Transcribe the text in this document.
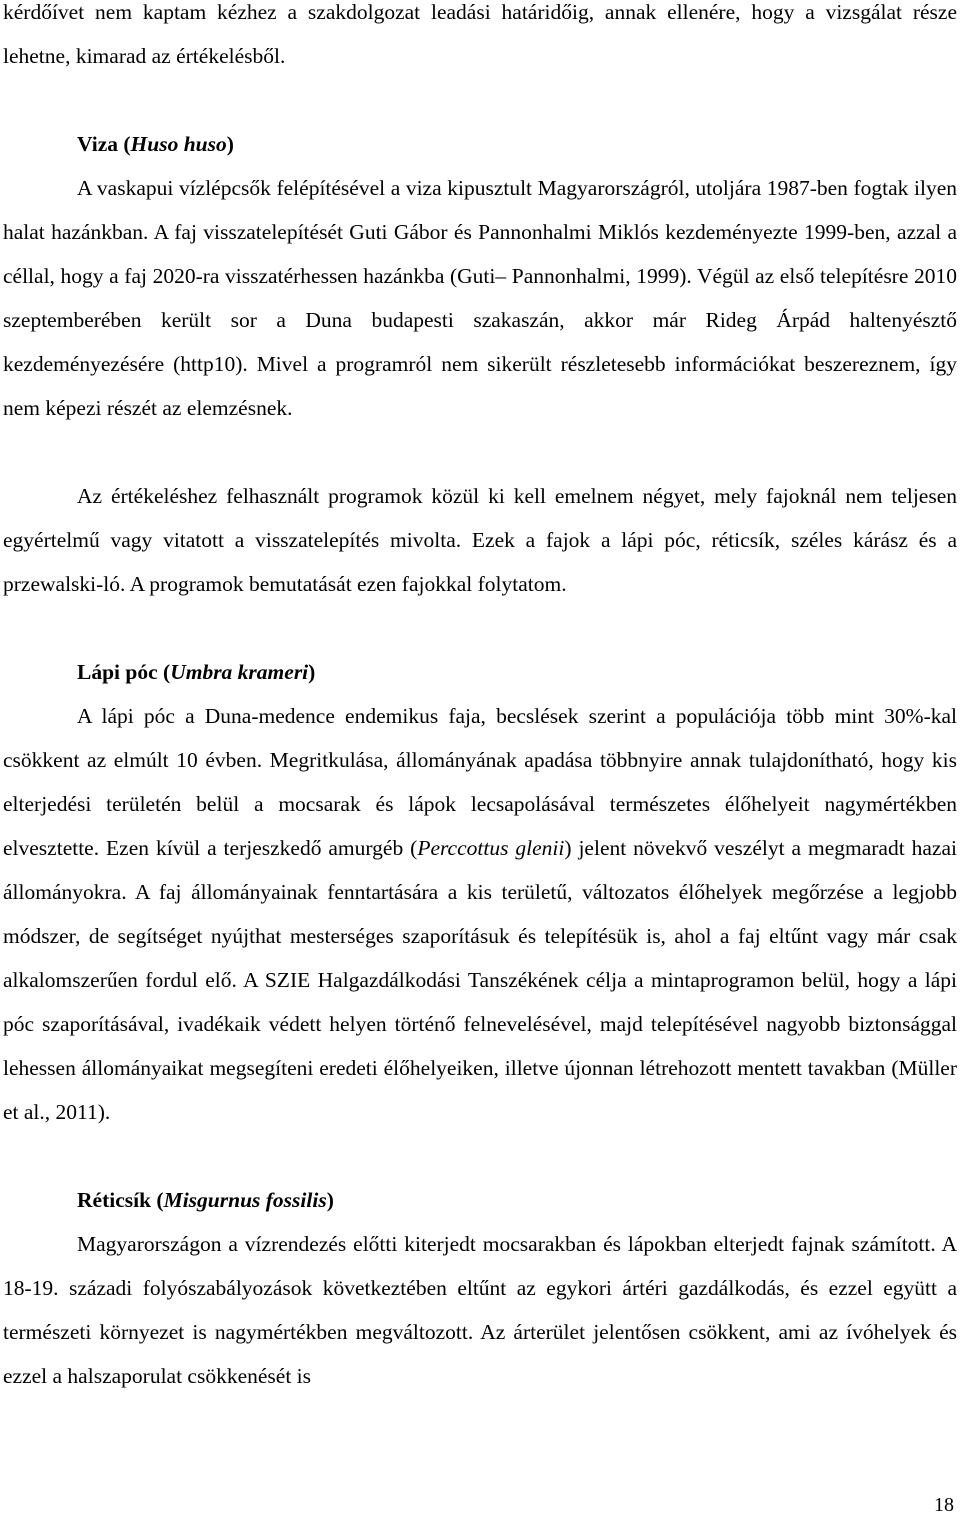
kérdőívet nem kaptam kézhez a szakdolgozat leadási határidőig, annak ellenére, hogy a vizsgálat része lehetne, kimarad az értékelésből.

Viza (Huso huso)

A vaskapui vízlépcsők felépítésével a viza kipusztult Magyarországról, utoljára 1987-ben fogtak ilyen halat hazánkban. A faj visszatelepítését Guti Gábor és Pannonhalmi Miklós kezdeményezte 1999-ben, azzal a céllal, hogy a faj 2020-ra visszatérhessen hazánkba (Guti– Pannonhalmi, 1999). Végül az első telepítésre 2010 szeptemberében került sor a Duna budapesti szakaszán, akkor már Rideg Árpád haltenyésztő kezdeményezésére (http10). Mivel a programról nem sikerült részletesebb információkat beszereznem, így nem képezi részét az elemzésnek.

Az értékeléshez felhasznált programok közül ki kell emelnem négyet, mely fajoknál nem teljesen egyértelmű vagy vitatott a visszatelepítés mivolta. Ezek a fajok a lápi póc, réticsík, széles kárász és a przewalski-ló. A programok bemutatását ezen fajokkal folytatom.

Lápi póc (Umbra krameri)

A lápi póc a Duna-medence endemikus faja, becslések szerint a populációja több mint 30%-kal csökkent az elmúlt 10 évben. Megritkulása, állományának apadása többnyire annak tulajdonítható, hogy kis elterjedési területén belül a mocsarak és lápok lecsapolásával természetes élőhelyeit nagymértékben elvesztette. Ezen kívül a terjeszkedő amurgéb (Perccottus glenii) jelent növekvő veszélyt a megmaradt hazai állományokra. A faj állományainak fenntartására a kis területű, változatos élőhelyek megőrzése a legjobb módszer, de segítséget nyújthat mesterséges szaporításuk és telepítésük is, ahol a faj eltűnt vagy már csak alkalomszerűen fordul elő. A SZIE Halgazdálkodási Tanszékének célja a mintaprogramon belül, hogy a lápi póc szaporításával, ivadékaik védett helyen történő felnevelésével, majd telepítésével nagyobb biztonsággal lehessen állományaikat megsegíteni eredeti élőhelyeiken, illetve újonnan létrehozott mentett tavakban (Müller et al., 2011).

Réticsík (Misgurnus fossilis)

Magyarországon a vízrendezés előtti kiterjedt mocsarakban és lápokban elterjedt fajnak számított. A 18-19. századi folyószabályozások következtében eltűnt az egykori ártéri gazdálkodás, és ezzel együtt a természeti környezet is nagymértékben megváltozott. Az árterület jelentősen csökkent, ami az ívóhelyek és ezzel a halszaporulat csökkenését is

18
